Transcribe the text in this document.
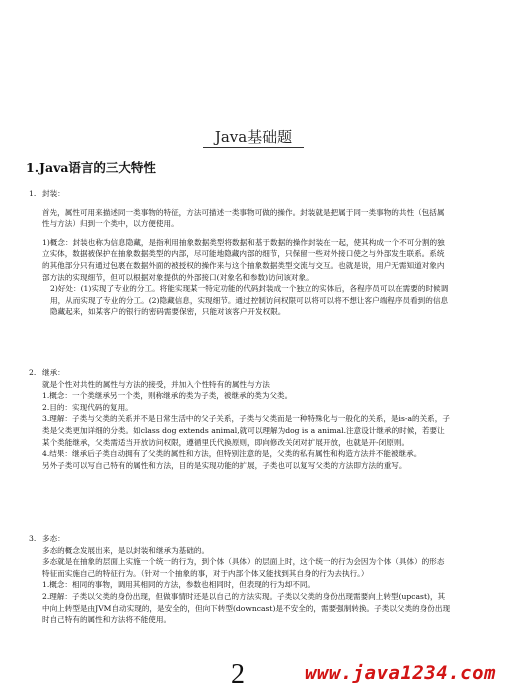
Java基础题
1.Java语言的三大特性
1. 封装：

首先，属性可用来描述同一类事物的特征，方法可描述一类事物可做的操作。封装就是把属于同一类事物的共性（包括属性与方法）归到一个类中，以方便使用。

1)概念：封装也称为信息隐藏，是指利用抽象数据类型将数据和基于数据的操作封装在一起，使其构成一个不可分割的独立实体，数据被保护在抽象数据类型的内部，尽可能地隐藏内部的细节，只保留一些对外接口使之与外部发生联系。系统的其他部分只有通过包裹在数据外面的被授权的操作来与这个抽象数据类型交流与交互。也就是说，用户无需知道对象内部方法的实现细节，但可以根据对象提供的外部接口(对象名和参数)访问该对象。

2)好处：(1)实现了专业的分工。将能实现某一特定功能的代码封装成一个独立的实体后，各程序员可以在需要的时候调用，从而实现了专业的分工。(2)隐藏信息，实现细节。通过控制访问权限可以将可以将不想让客户端程序员看到的信息隐藏起来，如某客户的银行的密码需要保密，只能对该客户开发权限。

2. 继承：

就是个性对共性的属性与方法的接受，并加入个性特有的属性与方法

1.概念：一个类继承另一个类，则称继承的类为子类，被继承的类为父类。

2.目的：实现代码的复用。

3.理解：子类与父类的关系并不是日常生活中的父子关系，子类与父类而是一种特殊化与一般化的关系，是is-a的关系，子类是父类更加详细的分类。如class dog extends animal,就可以理解为dog is a animal.注意设计继承的时候，若要让某个类能继承，父类需适当开放访问权限，遵循里氏代换原则，即向修改关闭对扩展开放，也就是开-闭原则。

4.结果：继承后子类自动拥有了父类的属性和方法，但特别注意的是，父类的私有属性和构造方法并不能被继承。

另外子类可以写自己特有的属性和方法，目的是实现功能的扩展，子类也可以复写父类的方法即方法的重写。

3. 多态：

多态的概念发展出来，是以封装和继承为基础的。

多态就是在抽象的层面上实施一个统一的行为，到个体（具体）的层面上时，这个统一的行为会因为个体（具体）的形态特征而实施自己的特征行为。（针对一个抽象的事，对于内部个体又能找到其自身的行为去执行。）

1.概念：相同的事物，调用其相同的方法，参数也相同时，但表现的行为却不同。

2.理解：子类以父类的身份出现，但做事情时还是以自己的方法实现。子类以父类的身份出现需要向上转型(upcast)，其中向上转型是由JVM自动实现的，是安全的，但向下转型(downcast)是不安全的，需要强制转换。子类以父类的身份出现时自己特有的属性和方法将不能使用。

2	www.java1234.com
